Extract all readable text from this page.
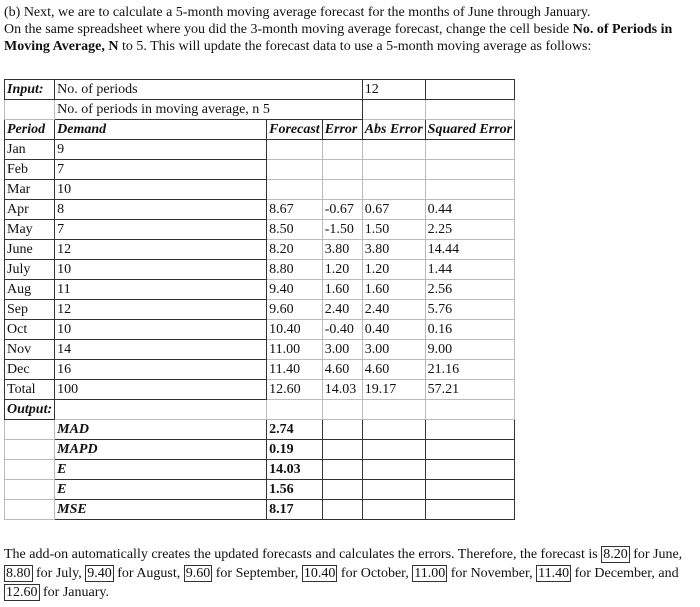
(b) Next, we are to calculate a 5-month moving average forecast for the months of June through January.

On the same spreadsheet where you did the 3-month moving average forecast, change the cell beside No. of Periods in Moving Average, N to 5. This will update the forecast data to use a 5-month moving average as follows:

Input:	No. of periods			12	
	No. of periods in moving average, n 5				
Period	Demand	Forecast	Error	Abs Error	Squared Error
Jan	9				
Feb	7				
Mar	10				
Apr	8	8.67	-0.67	0.67	0.44
May	7	8.50	-1.50	1.50	2.25
June	12	8.20	3.80	3.80	14.44
July	10	8.80	1.20	1.20	1.44
Aug	11	9.40	1.60	1.60	2.56
Sep	12	9.60	2.40	2.40	5.76
Oct	10	10.40	-0.40	0.40	0.16
Nov	14	11.00	3.00	3.00	9.00
Dec	16	11.40	4.60	4.60	21.16
Total	100	12.60	14.03	19.17	57.21
Output:					
	MAD	2.74			
	MAPD	0.19			
	E	14.03			
	E	1.56			
	MSE	8.17			

The add-on automatically creates the updated forecasts and calculates the errors. Therefore, the forecast is 8.20 for June, 8.80 for July, 9.40 for August, 9.60 for September, 10.40 for October, 11.00 for November, 11.40 for December, and 12.60 for January.
